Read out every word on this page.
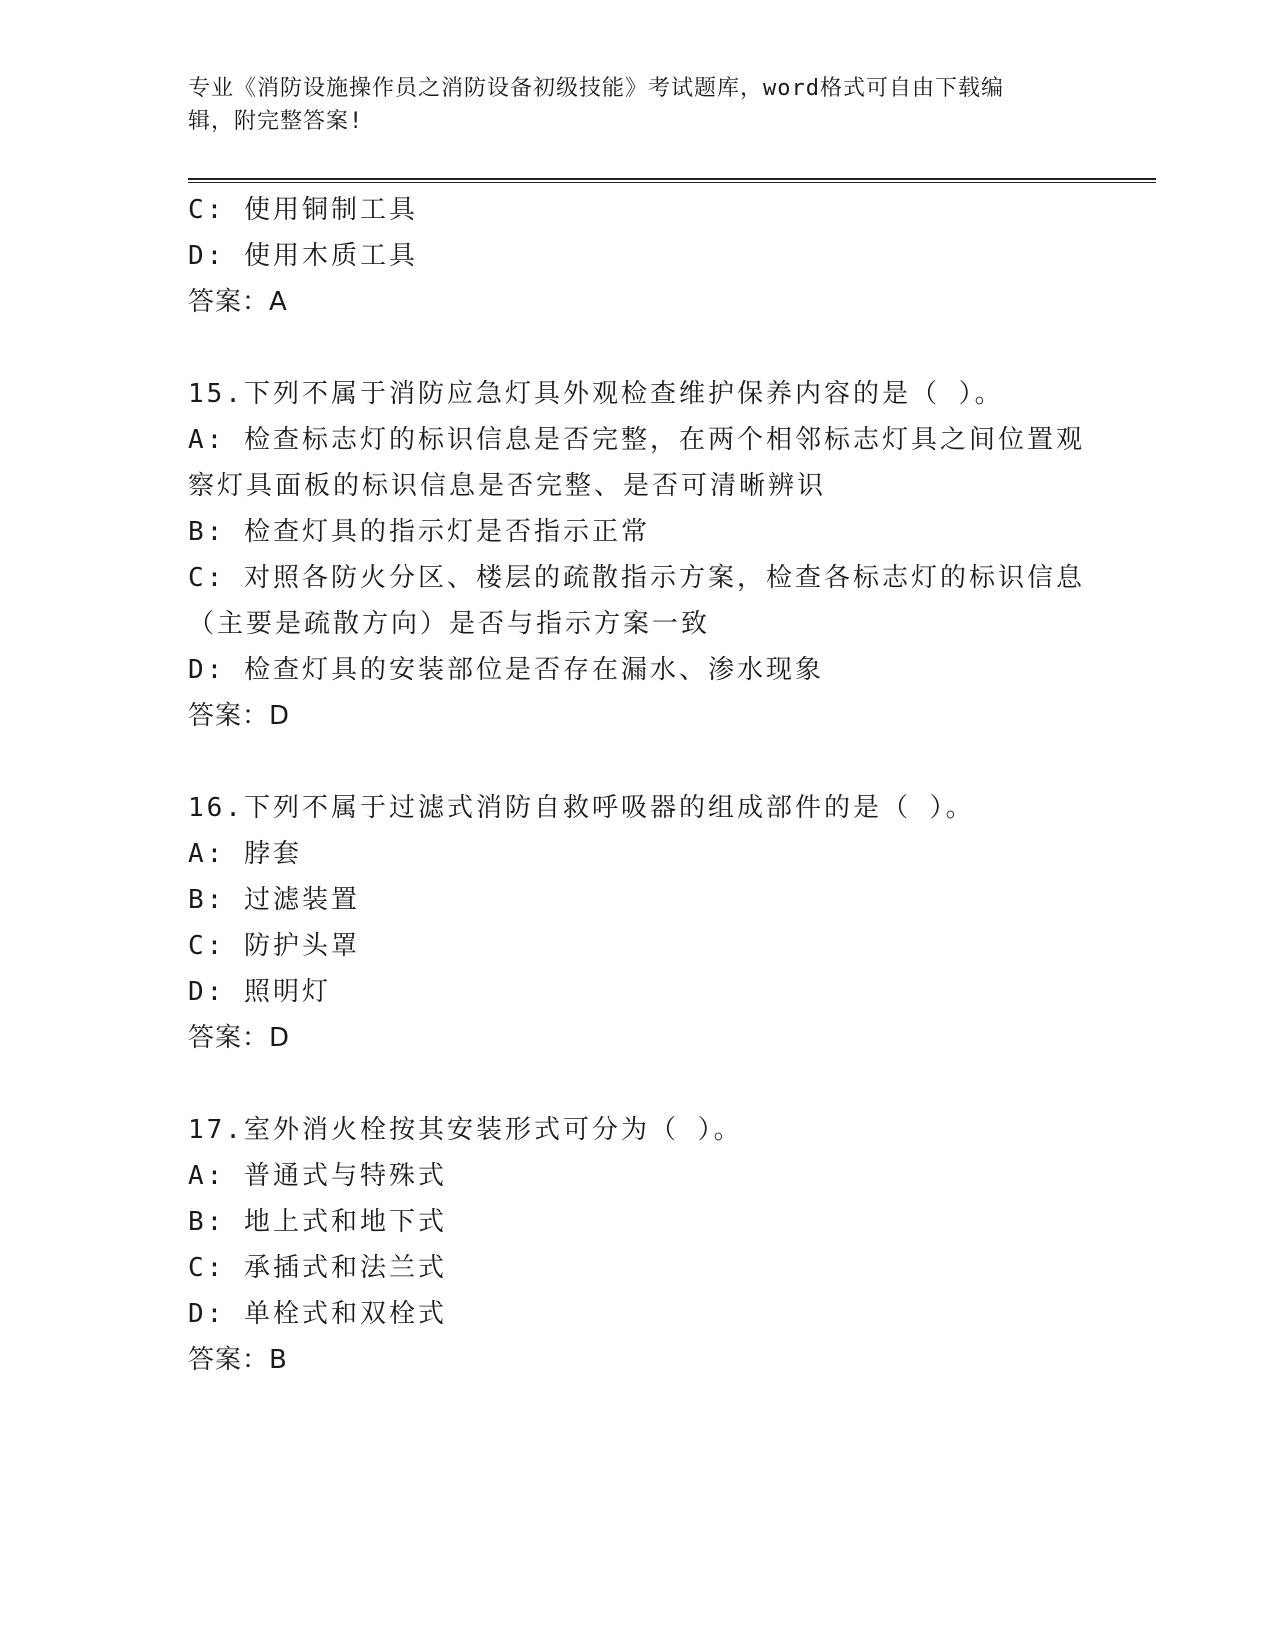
专业《消防设施操作员之消防设备初级技能》考试题库，word格式可自由下载编
辑，附完整答案!
C: 使用铜制工具
D: 使用木质工具
答案：A
15.下列不属于消防应急灯具外观检查维护保养内容的是（ ）。
A: 检查标志灯的标识信息是否完整，在两个相邻标志灯具之间位置观
察灯具面板的标识信息是否完整、是否可清晰辨识
B: 检查灯具的指示灯是否指示正常
C: 对照各防火分区、楼层的疏散指示方案，检查各标志灯的标识信息
（主要是疏散方向）是否与指示方案一致
D: 检查灯具的安装部位是否存在漏水、渗水现象
答案：D
16.下列不属于过滤式消防自救呼吸器的组成部件的是（ ）。
A: 脖套
B: 过滤装置
C: 防护头罩
D: 照明灯
答案：D
17.室外消火栓按其安装形式可分为（ ）。
A: 普通式与特殊式
B: 地上式和地下式
C: 承插式和法兰式
D: 单栓式和双栓式
答案：B
